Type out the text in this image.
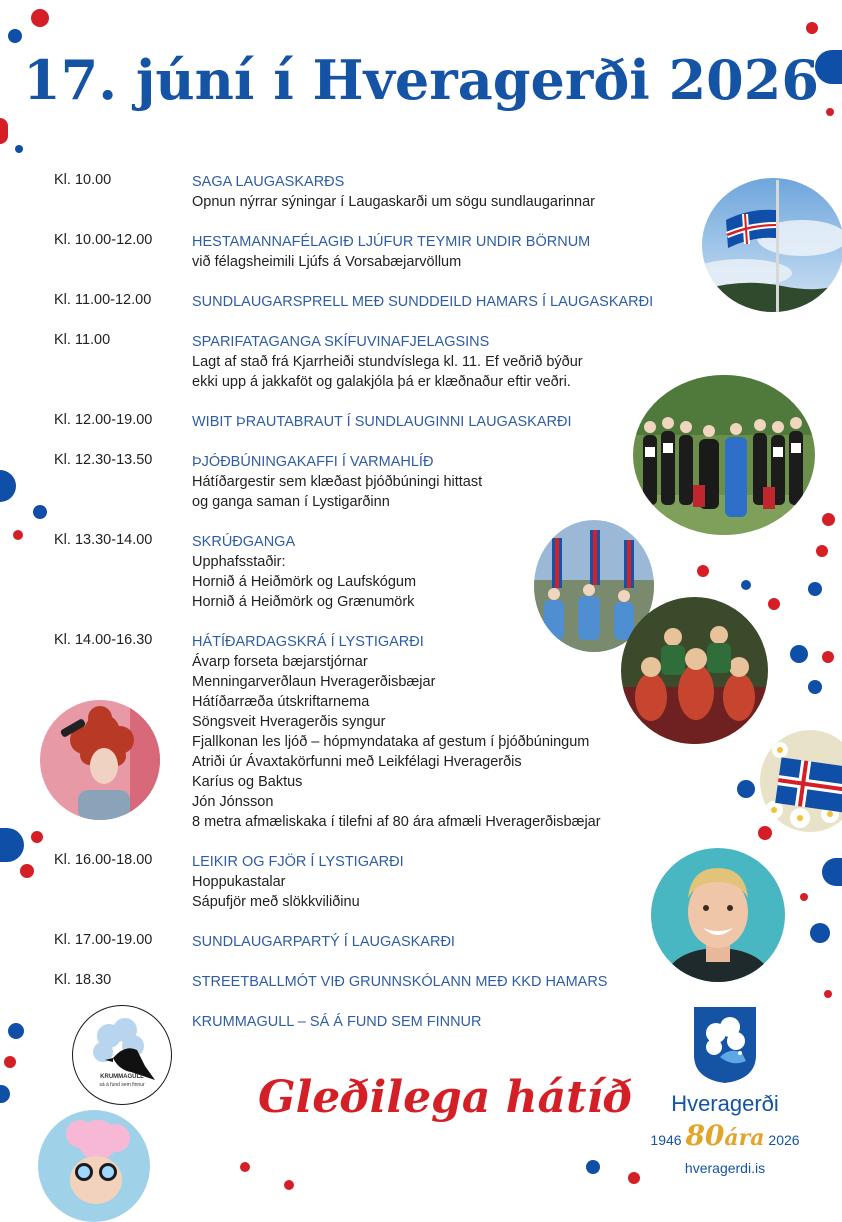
17. júní í Hveragerði 2026
Kl. 10.00	SAGA LAUGASKARÐS
Opnun nýrrar sýningar í Laugaskarði um sögu sundlaugarinnar
Kl. 10.00-12.00	HESTAMANNAFÉLAGIÐ LJÚFUR TEYMIR UNDIR BÖRNUM
við félagsheimili Ljúfs á Vorsabæjarvöllum
Kl. 11.00-12.00	SUNDLAUGARSPRELL MEÐ SUNDDEILD HAMARS Í LAUGASKARÐI
Kl. 11.00	SPARIFATAGANGA SKÍFUVINAFJELAGSINS
Lagt af stað frá Kjarrheiði stundvíslega kl. 11. Ef veðrið býður
ekki upp á jakkaföt og galakjóla þá er klæðnaður eftir veðri.
Kl. 12.00-19.00	WIBIT ÞRAUTABRAUT Í SUNDLAUGINNI LAUGASKARÐI
Kl. 12.30-13.50	ÞJÓÐBÚNINGAKAFFI Í VARMAHLÍÐ
Hátíðargestir sem klæðast þjóðbúningi hittast
og ganga saman í Lystigarðinn
Kl. 13.30-14.00	SKRÚÐGANGA
Upphafsstaðir:
Hornið á Heiðmörk og Laufskógum
Hornið á Heiðmörk og Grænumörk
Kl. 14.00-16.30	HÁTÍÐARDAGSKRÁ Í LYSTIGARÐI
Ávarp forseta bæjarstjórnar
Menningarverðlaun Hveragerðisbæjar
Hátíðarræða útskriftarnema
Söngsveit Hveragerðis syngur
Fjallkonan les ljóð – hópmyndataka af gestum í þjóðbúningum
Atriði úr Ávaxtakörfunni með Leikfélagi Hveragerðis
Karíus og Baktus
Jón Jónsson
8 metra afmæliskaka í tilefni af 80 ára afmæli Hveragerðisbæjar
Kl. 16.00-18.00	LEIKIR OG FJÖR Í LYSTIGARÐI
Hoppukastalar
Sápufjör með slökkviliðinu
Kl. 17.00-19.00	SUNDLAUGARPARTÝ Í LAUGASKARÐI
Kl. 18.30	STREETBALLMÓT VIÐ GRUNNSKÓLANN MEÐ KKD HAMARS
KRUMMAGULL – SÁ Á FUND SEM FINNUR
KRUMMAGULL
sá á fund sem finnur	Gleðilega hátíð	Hveragerði
1946 80ára 2026
hveragerdi.is
